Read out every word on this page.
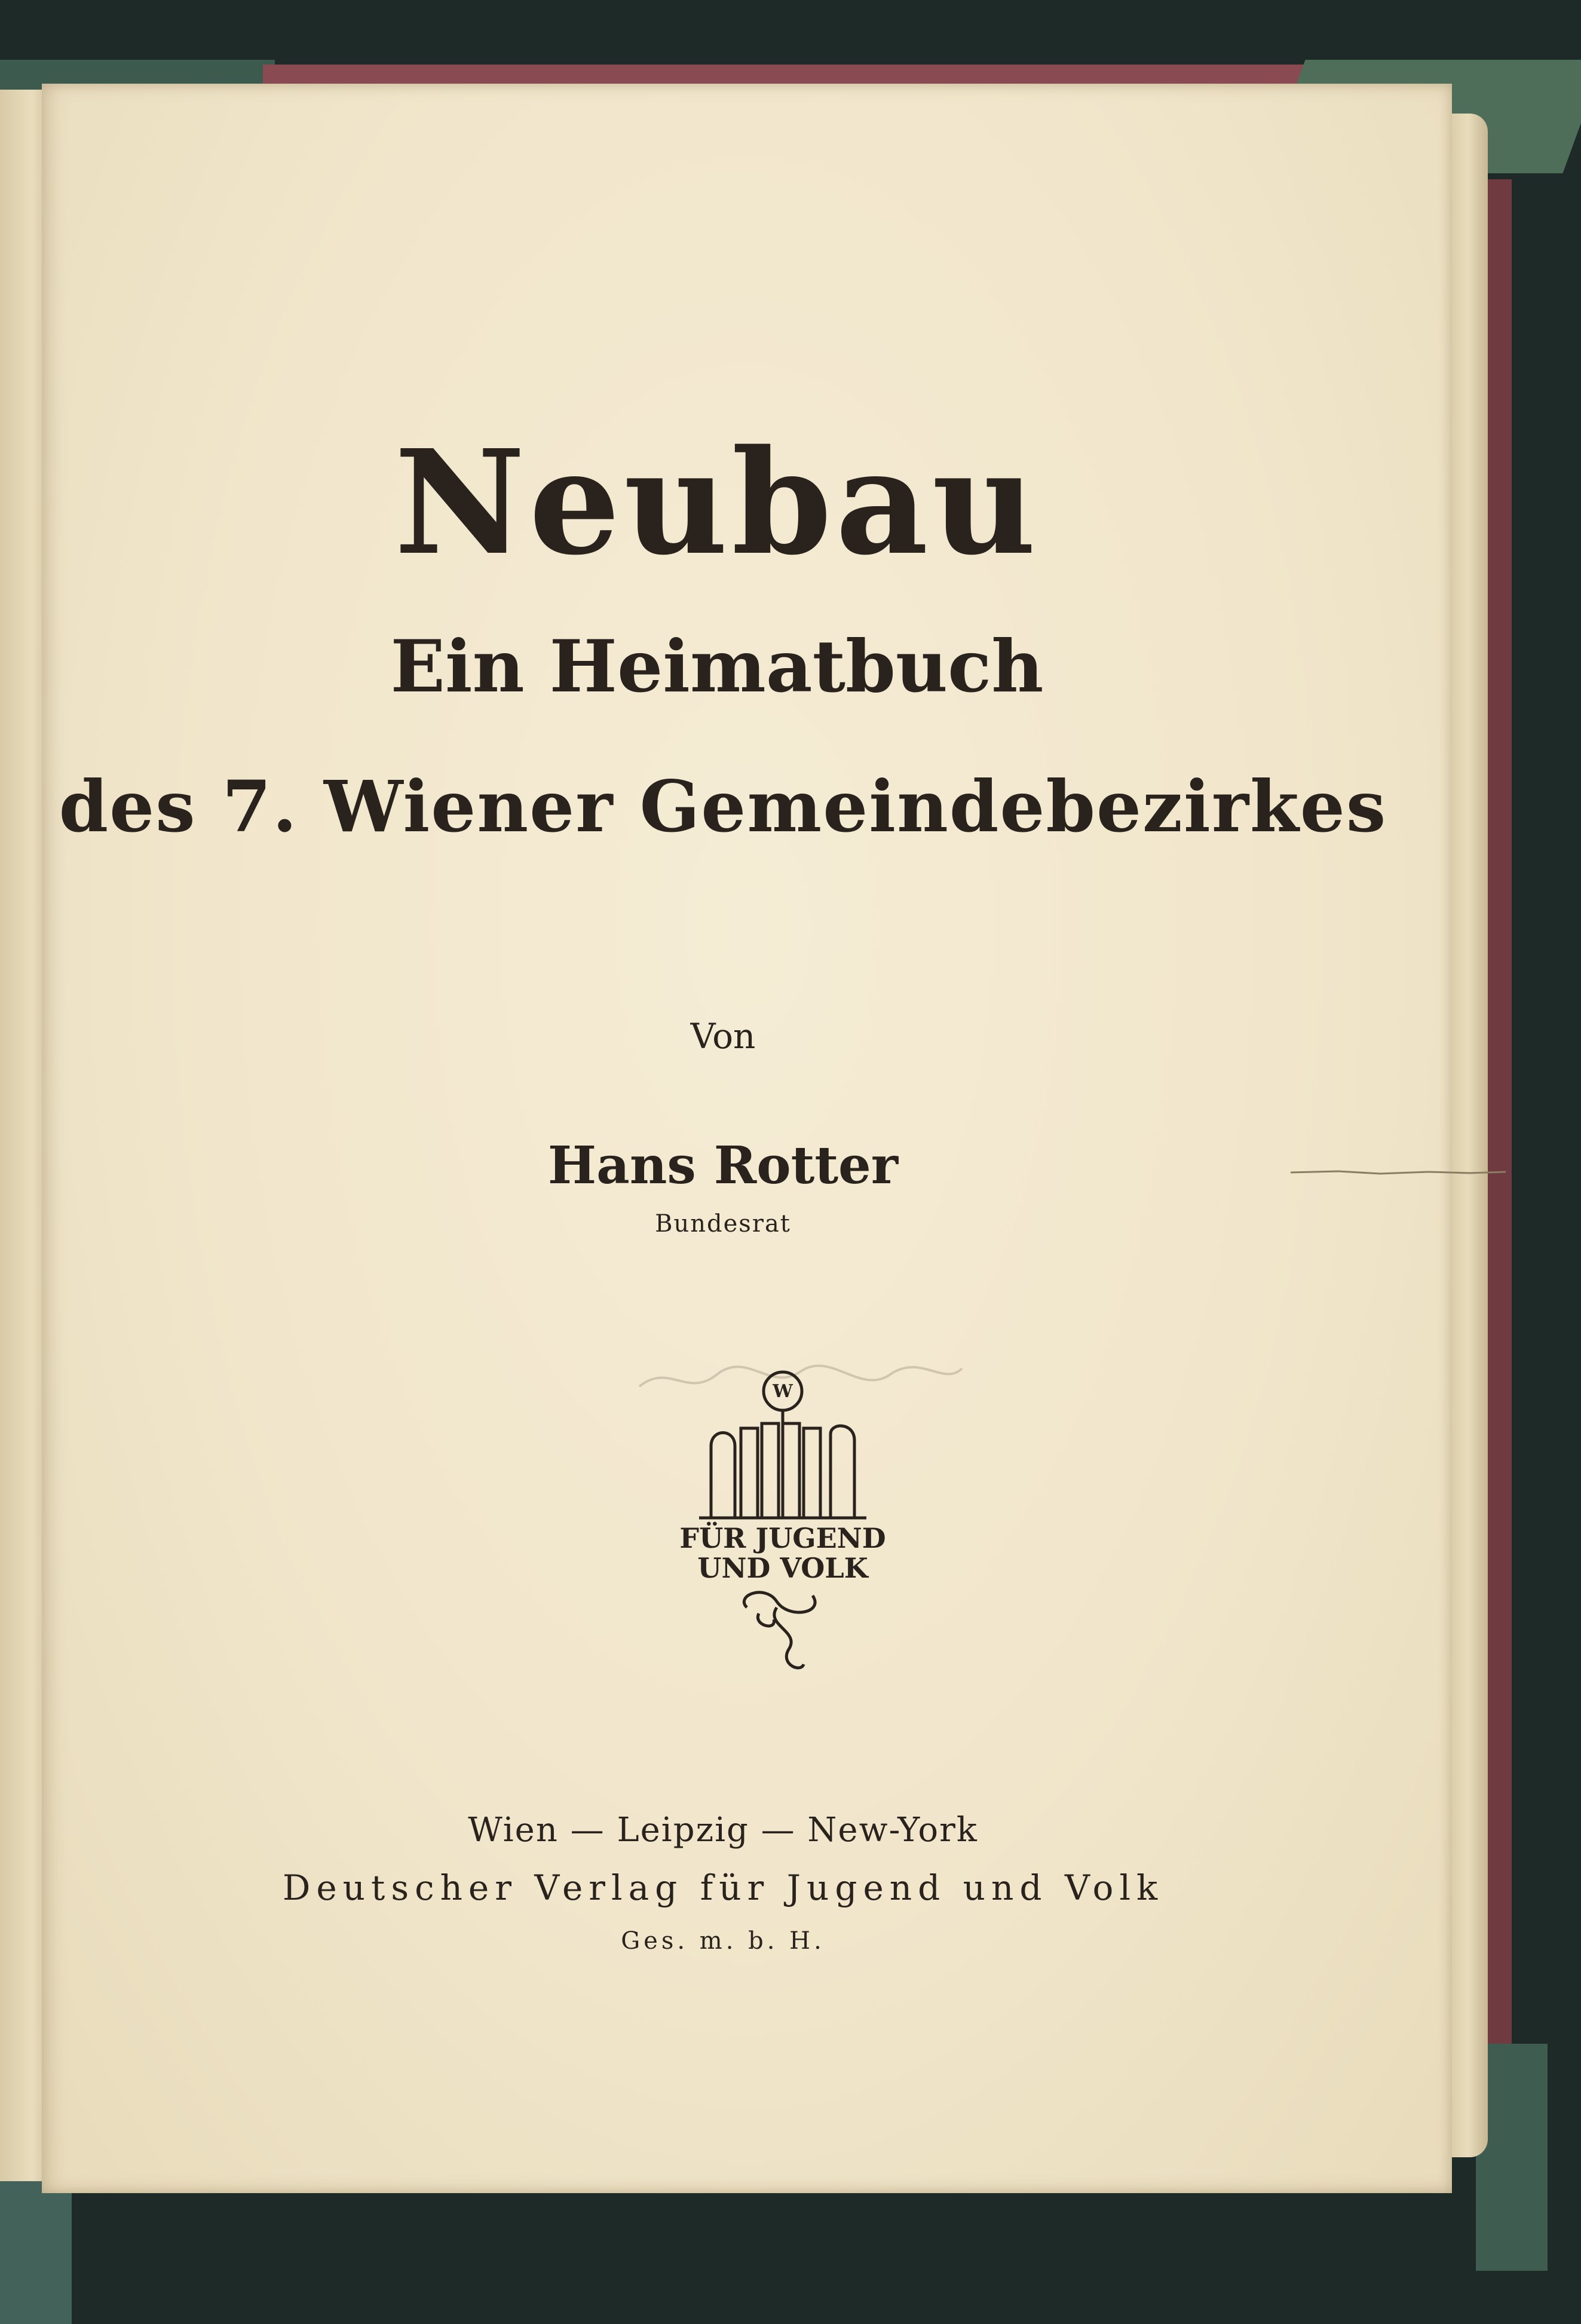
Neubau
Ein Heimatbuch
des 7. Wiener Gemeindebezirkes
Von
Hans Rotter
Bundesrat
W
FÜR JUGEND
UND VOLK
Wien — Leipzig — New-York
Deutscher Verlag für Jugend und Volk
Ges. m. b. H.
